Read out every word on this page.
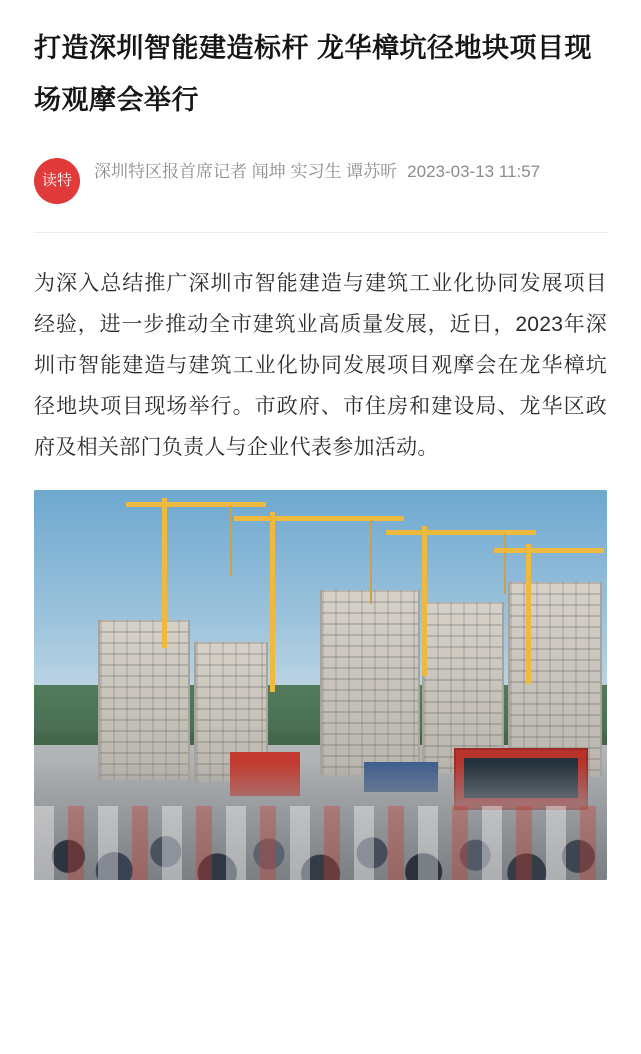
打造深圳智能建造标杆 龙华樟坑径地块项目现场观摩会举行
读特	深圳特区报首席记者 闻坤 实习生 谭苏昕 2023-03-13 11:57

为深入总结推广深圳市智能建造与建筑工业化协同发展项目经验，进一步推动全市建筑业高质量发展，近日，2023年深圳市智能建造与建筑工业化协同发展项目观摩会在龙华樟坑径地块项目现场举行。市政府、市住房和建设局、龙华区政府及相关部门负责人与企业代表参加活动。
